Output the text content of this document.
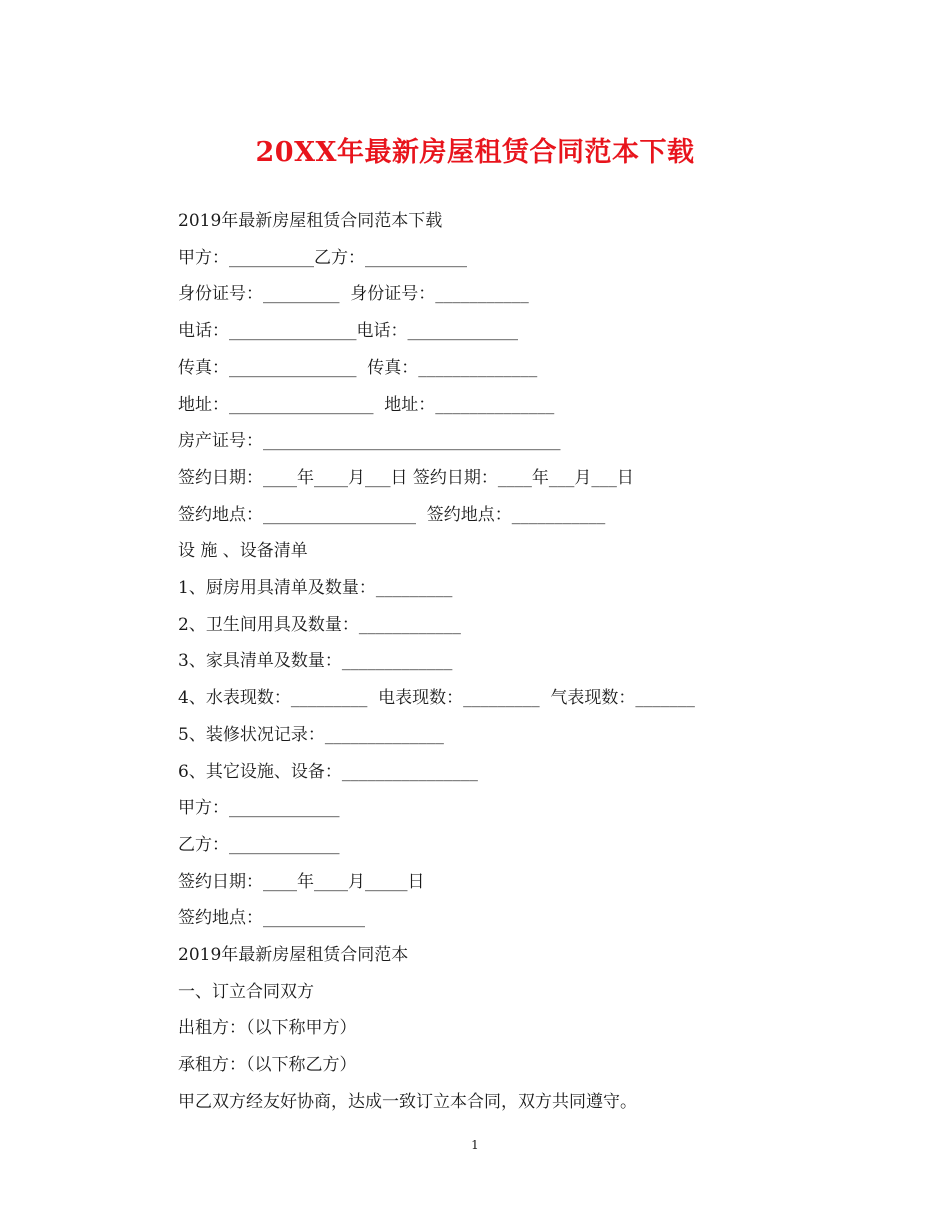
20XX年最新房屋租赁合同范本下载
2019年最新房屋租赁合同范本下载
甲方：__________乙方：____________
身份证号：_________  身份证号：___________
电话：_______________电话：_____________
传真：_______________  传真：______________
地址：_________________  地址：______________
房产证号：___________________________________
签约日期：____年____月___日 签约日期：____年___月___日
签约地点：__________________  签约地点：___________
设 施 、设备清单
1、厨房用具清单及数量：_________
2、卫生间用具及数量：____________
3、家具清单及数量：_____________
4、水表现数：_________  电表现数：_________  气表现数：_______
5、装修状况记录：______________
6、其它设施、设备：________________
甲方：_____________
乙方：_____________
签约日期：____年____月_____日
签约地点：____________
2019年最新房屋租赁合同范本
一、订立合同双方
出租方：（以下称甲方）
承租方：（以下称乙方）
甲乙双方经友好协商，达成一致订立本合同，双方共同遵守。
1
